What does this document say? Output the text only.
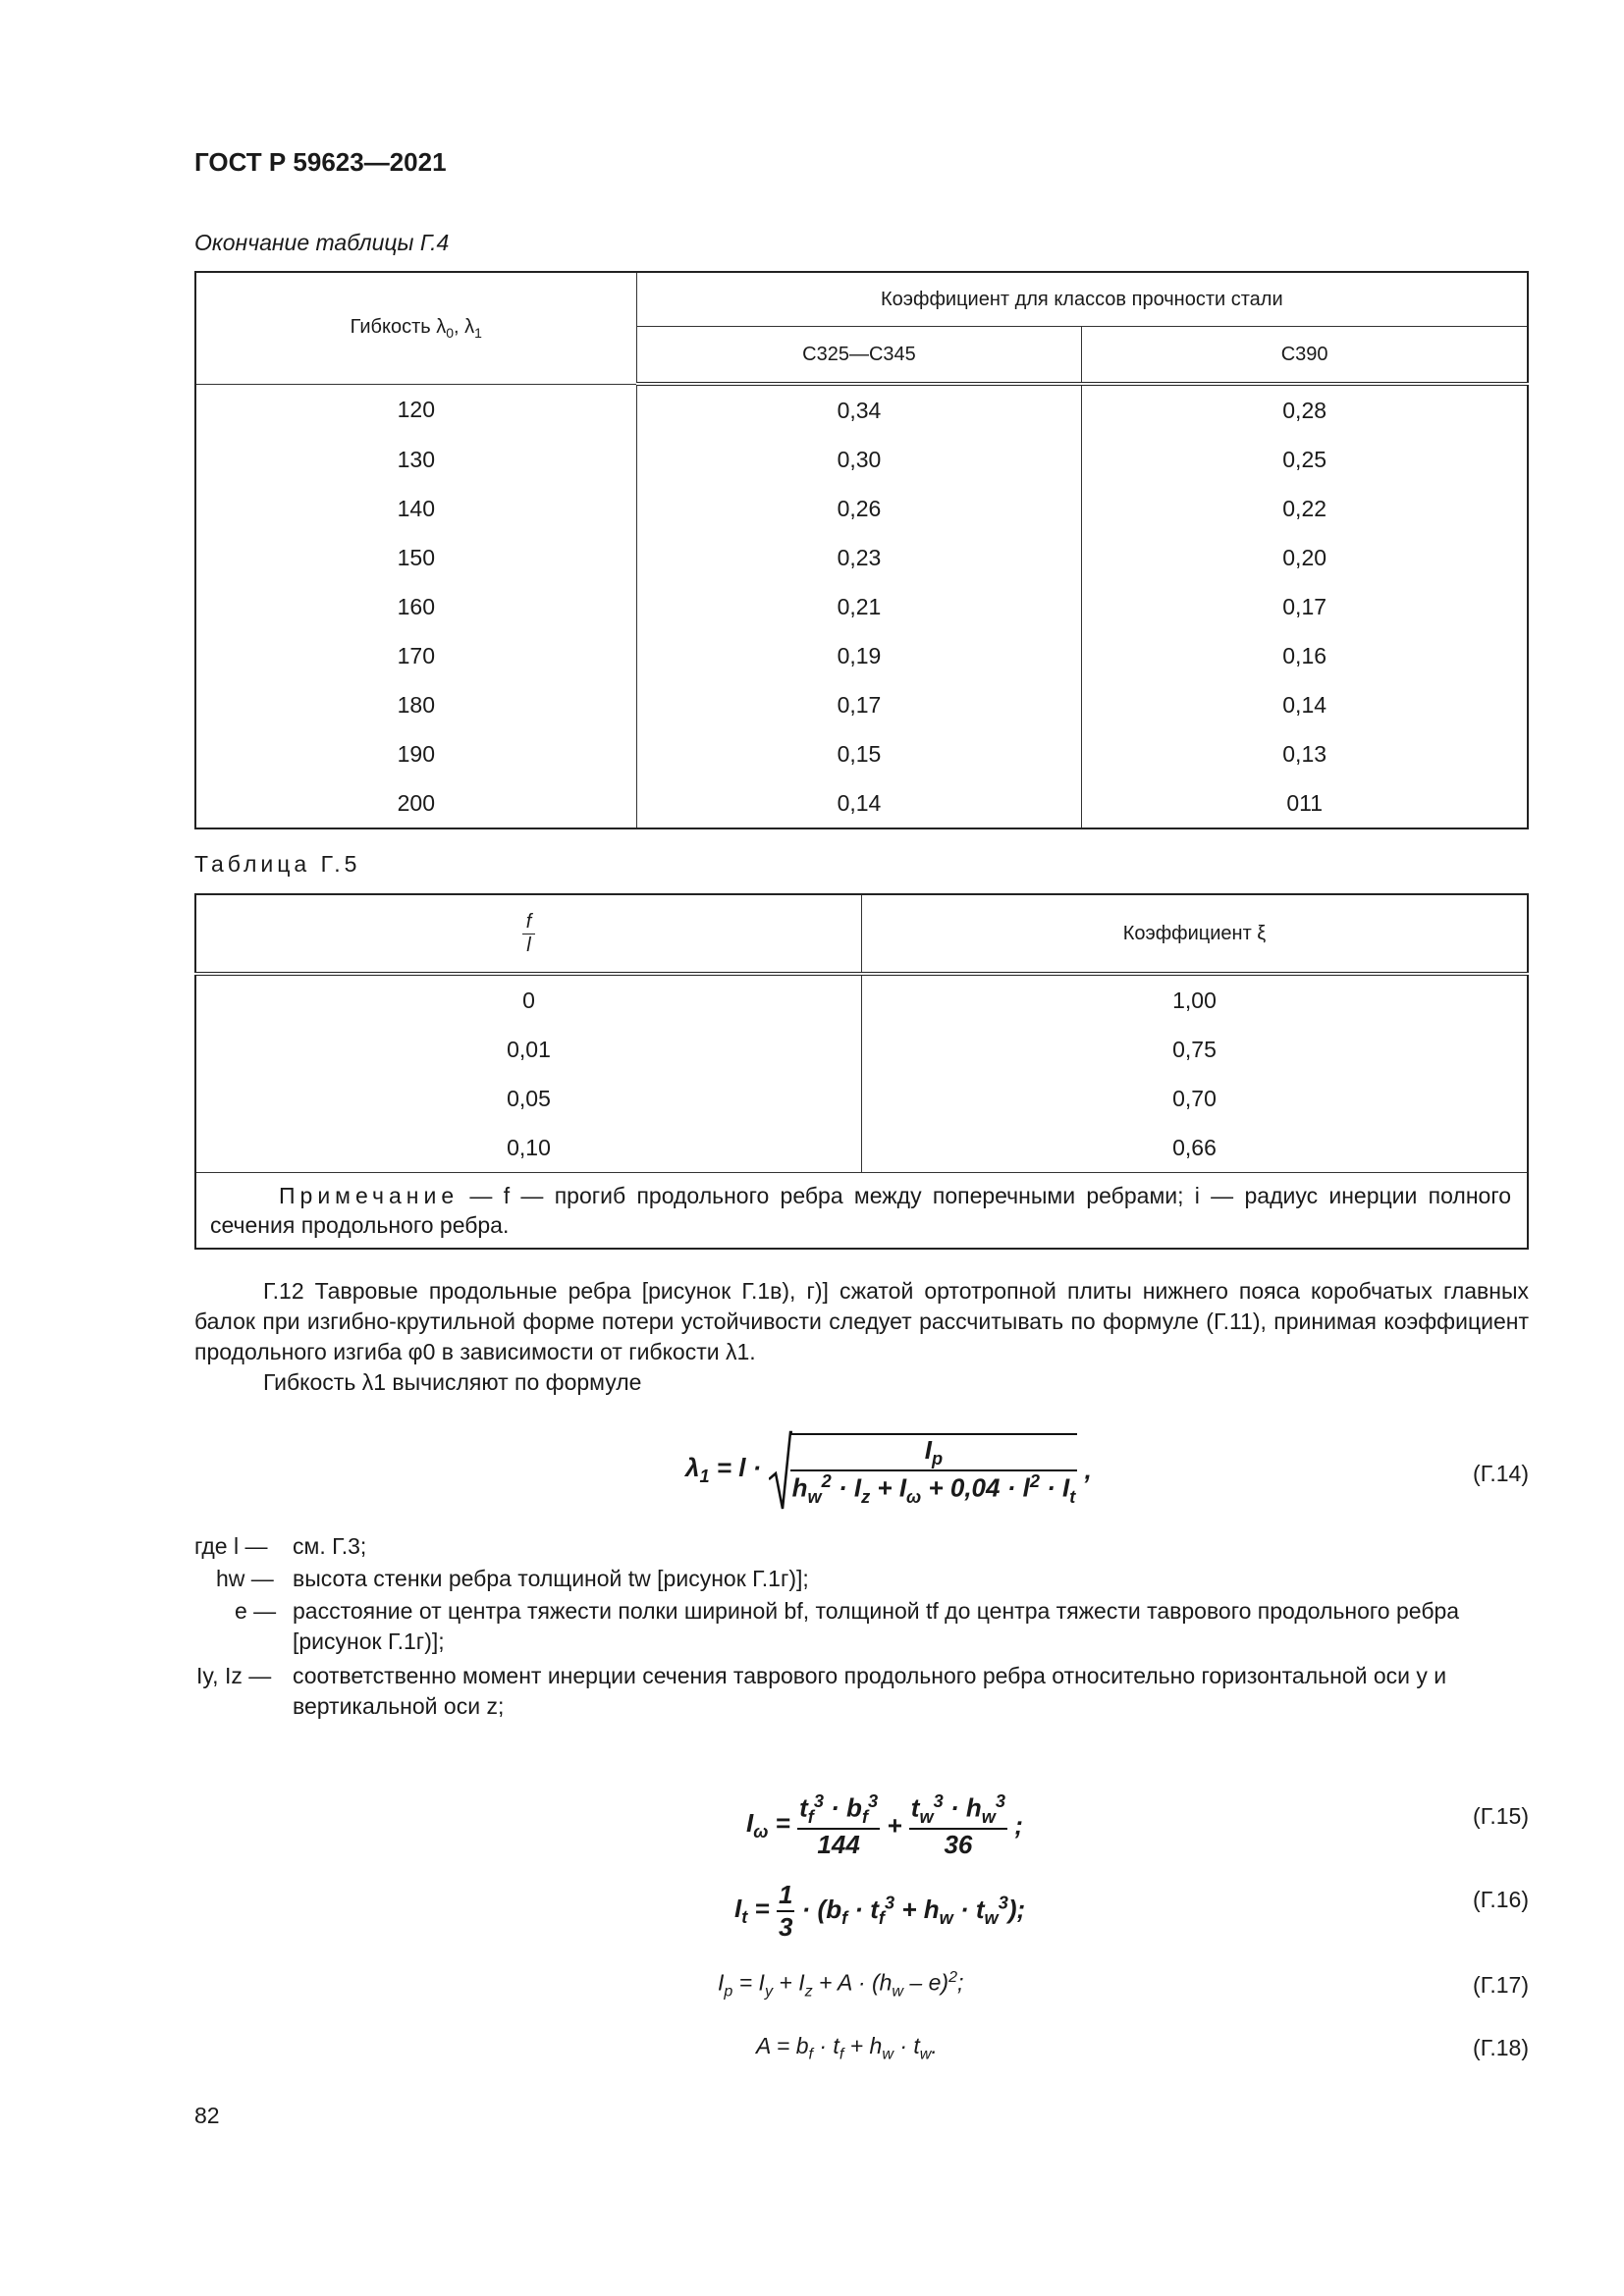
ГОСТ Р 59623—2021
Окончание таблицы Г.4
Гибкость $\lambda_0$, $\lambda_1$	Коэффициент для классов прочности стали	
	С325—С345	С390
120	0,34	0,28
130	0,30	0,25
140	0,26	0,22
150	0,23	0,20
160	0,21	0,17
170	0,19	0,16
180	0,17	0,14
190	0,15	0,13
200	0,14	011
Таблица Г.5
$\frac{f}{l}$	Коэффициент ξ
0	1,00
0,01	0,75
0,05	0,70
0,10	0,66
Примечание — f — прогиб продольного ребра между поперечными ребрами; i — радиус инерции полного сечения продольного ребра.	
Г.12 Тавровые продольные ребра [рисунок Г.1в), г)] сжатой ортотропной плиты нижнего пояса коробчатых главных балок при изгибно-крутильной форме потери устойчивости следует рассчитывать по формуле (Г.11), принимая коэффициент продольного изгиба φ0 в зависимости от гибкости λ1.
Гибкость λ1 вычисляют по формуле
$\lambda_1 = l \cdot \frac{I_p}{h_w^2 \cdot I_z + I_\omega + 0,04 \cdot l^2 \cdot I_t}$ ,	(Г.14)
где l — см. Г.3;
hw — высота стенки ребра толщиной tw [рисунок Г.1г)];
e — расстояние от центра тяжести полки шириной bf, толщиной tf до центра тяжести таврового продольного ребра [рисунок Г.1г)];
Iy, Iz — соответственно момент инерции сечения таврового продольного ребра относительно горизонтальной оси y и вертикальной оси z;
$I_\omega = \frac{t_f^3 \cdot b_f^3}{144} + \frac{t_w^3 \cdot h_w^3}{36}$ ;	(Г.15)
$I_t = \frac{1}{3} \cdot (b_f \cdot t_f^3 + h_w \cdot t_w^3)$;	(Г.16)
$I_p = I_y + I_z + A \cdot (h_w - e)^2$;	(Г.17)
$A = b_f \cdot t_f + h_w \cdot t_w$.	(Г.18)
82
